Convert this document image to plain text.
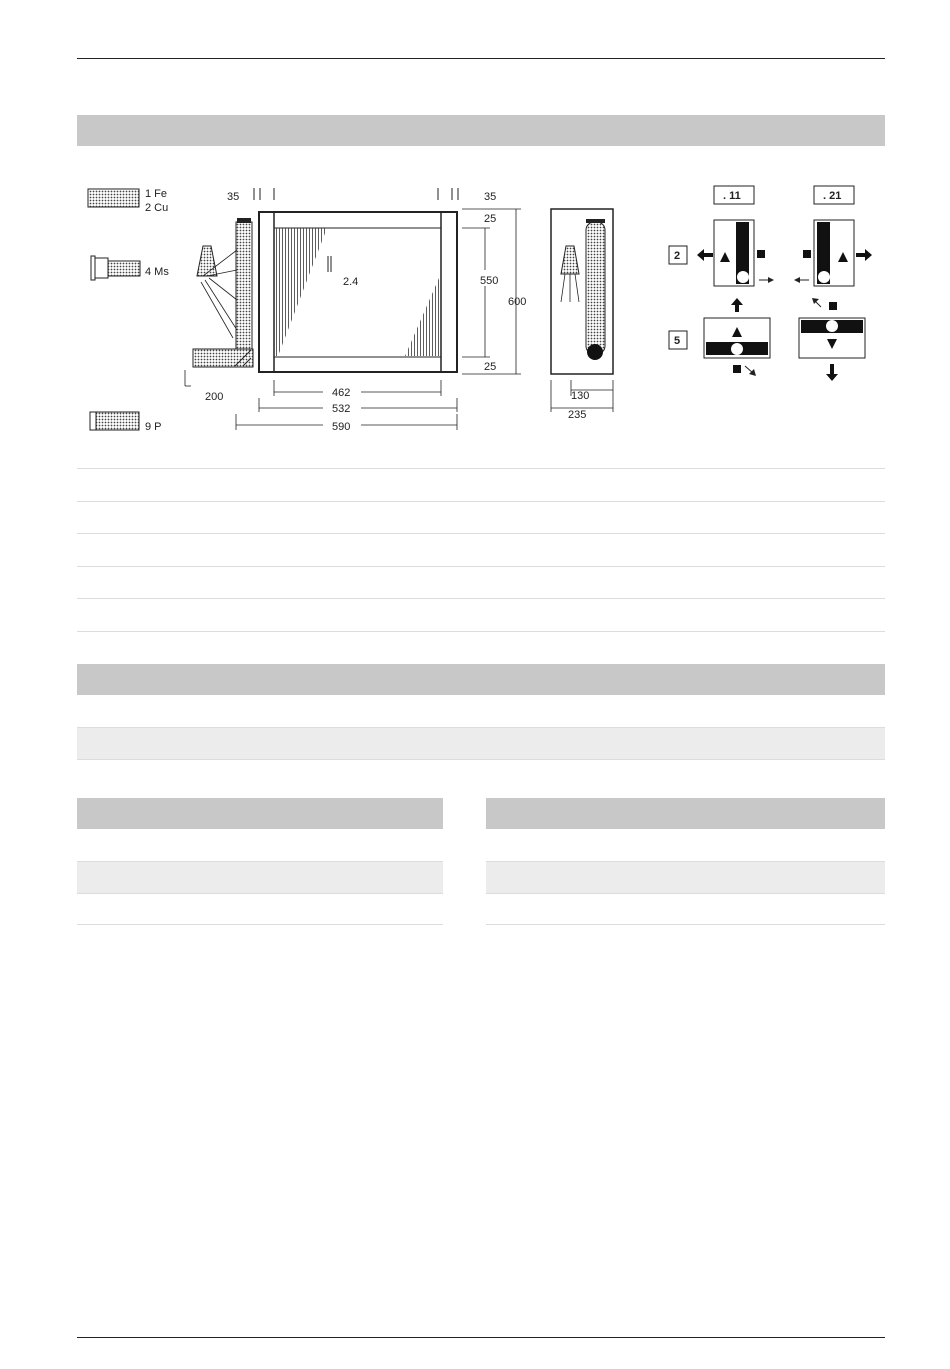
1 Fe
2 Cu
4 Ms
9 P
35	35
2.4
600
25
550
25
200	462
532
590
130
235
. 11	. 21
2
5
